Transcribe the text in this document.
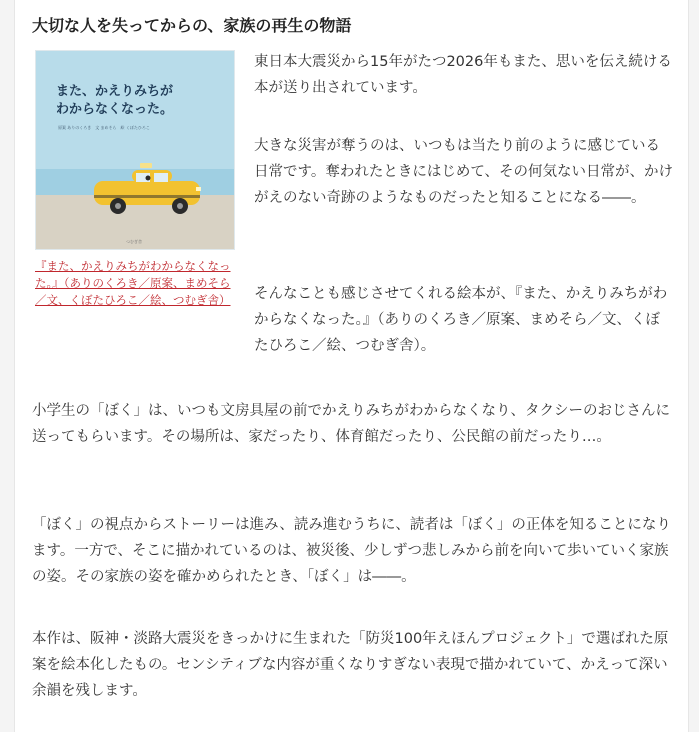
大切な人を失ってからの、家族の再生の物語
また、かえりみちが
わからなくなった。
原案 ありのくろき　文 まめそら　絵 くぼたひろこ
つむぎ舎
『また、かえりみちがわからなくなった。』（ありのくろき／原案、まめそら／文、くぼたひろこ／絵、つむぎ舎）

東日本大震災から15年がたつ2026年もまた、思いを伝え続ける本が送り出されています。

大きな災害が奪うのは、いつもは当たり前のように感じている日常です。奪われたときにはじめて、その何気ない日常が、かけがえのない奇跡のようなものだったと知ることになる――。

そんなことも感じさせてくれる絵本が、『また、かえりみちがわからなくなった。』（ありのくろき／原案、まめそら／文、くぼたひろこ／絵、つむぎ舎）。

小学生の「ぼく」は、いつも文房具屋の前でかえりみちがわからなくなり、タクシーのおじさんに送ってもらいます。その場所は、家だったり、体育館だったり、公民館の前だったり…。

「ぼく」の視点からストーリーは進み、読み進むうちに、読者は「ぼく」の正体を知ることになります。一方で、そこに描かれているのは、被災後、少しずつ悲しみから前を向いて歩いていく家族の姿。その家族の姿を確かめられたとき、「ぼく」は――。

本作は、阪神・淡路大震災をきっかけに生まれた「防災100年えほんプロジェクト」で選ばれた原案を絵本化したもの。センシティブな内容が重くなりすぎない表現で描かれていて、かえって深い余韻を残します。
